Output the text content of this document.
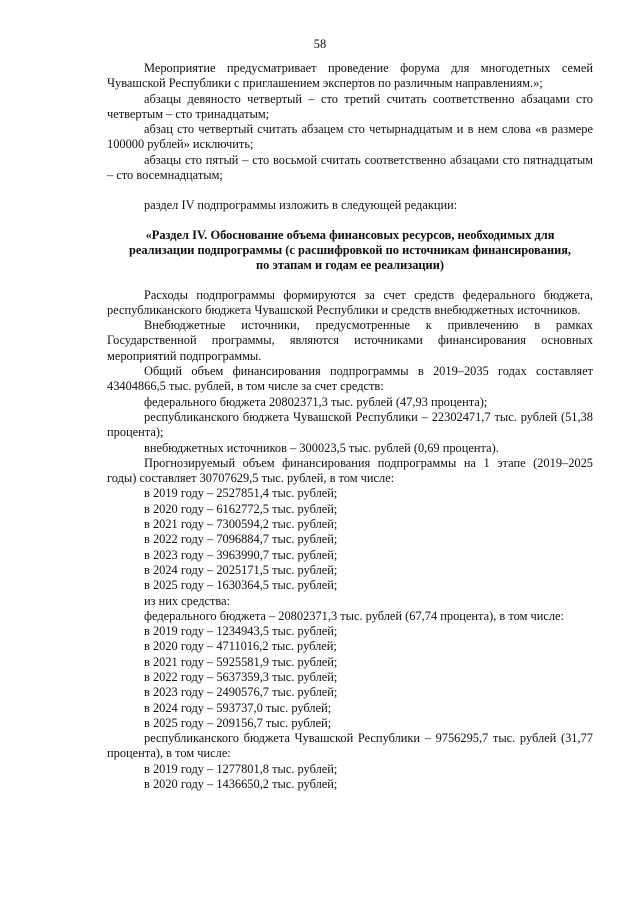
58

Мероприятие предусматривает проведение форума для многодетных семей Чувашской Республики с приглашением экспертов по различным направлениям.»;

абзацы девяносто четвертый – сто третий считать соответственно абзацами сто четвертым – сто тринадцатым;

абзац сто четвертый считать абзацем сто четырнадцатым и в нем слова «в размере 100000 рублей» исключить;

абзацы сто пятый – сто восьмой считать соответственно абзацами сто пятнадцатым – сто восемнадцатым;

раздел IV подпрограммы изложить в следующей редакции:

«Раздел IV. Обоснование объема финансовых ресурсов, необходимых для реализации подпрограммы (с расшифровкой по источникам финансирования, по этапам и годам ее реализации)

Расходы подпрограммы формируются за счет средств федерального бюджета, республиканского бюджета Чувашской Республики и средств внебюджетных источников.

Внебюджетные источники, предусмотренные к привлечению в рамках Государственной программы, являются источниками финансирования основных мероприятий подпрограммы.

Общий объем финансирования подпрограммы в 2019–2035 годах составляет 43404866,5 тыс. рублей, в том числе за счет средств:

федерального бюджета 20802371,3 тыс. рублей (47,93 процента);

республиканского бюджета Чувашской Республики – 22302471,7 тыс. рублей (51,38 процента);

внебюджетных источников – 300023,5 тыс. рублей (0,69 процента).

Прогнозируемый объем финансирования подпрограммы на 1 этапе (2019–2025 годы) составляет 30707629,5 тыс. рублей, в том числе:

в 2019 году – 2527851,4 тыс. рублей;

в 2020 году – 6162772,5 тыс. рублей;

в 2021 году – 7300594,2 тыс. рублей;

в 2022 году – 7096884,7 тыс. рублей;

в 2023 году – 3963990,7 тыс. рублей;

в 2024 году – 2025171,5 тыс. рублей;

в 2025 году – 1630364,5 тыс. рублей;

из них средства:

федерального бюджета – 20802371,3 тыс. рублей (67,74 процента), в том числе:

в 2019 году – 1234943,5 тыс. рублей;

в 2020 году – 4711016,2 тыс. рублей;

в 2021 году – 5925581,9 тыс. рублей;

в 2022 году – 5637359,3 тыс. рублей;

в 2023 году – 2490576,7 тыс. рублей;

в 2024 году – 593737,0 тыс. рублей;

в 2025 году – 209156,7 тыс. рублей;

республиканского бюджета Чувашской Республики – 9756295,7 тыс. рублей (31,77 процента), в том числе:

в 2019 году – 1277801,8 тыс. рублей;

в 2020 году – 1436650,2 тыс. рублей;
